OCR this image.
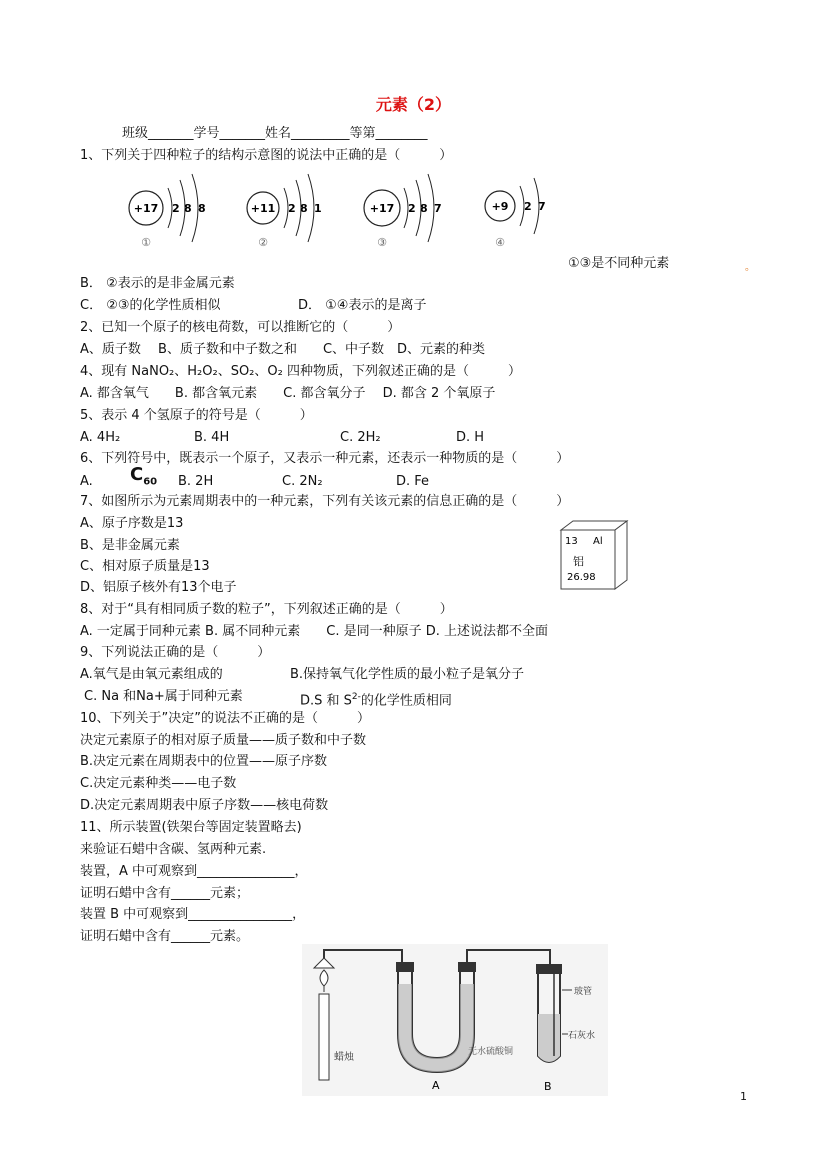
元素（2）
班级_______学号_______姓名_________等第________
1、下列关于四种粒子的结构示意图的说法中正确的是（　　　）
+17 2 8 8
①
+11 2 8 1
②
+17 2 8 7
③
+9 2 7
④
①③是不同种元素	。
B． ②表示的是非金属元素
C． ②③的化学性质相似	D． ①④表示的是离子
2、已知一个原子的核电荷数，可以推断它的（　　　）
A、质子数　 B、质子数和中子数之和　　C、中子数　D、元素的种类
4、现有 NaNO₂、H₂O₂、SO₂、O₂ 四种物质，下列叙述正确的是（　　　）
A. 都含氧气　　B. 都含氧元素　　C. 都含氧分子　 D. 都含 2 个氧原子
5、表示 4 个氢原子的符号是（　　　）
A. 4H₂	B. 4H	C. 2H₂	D. H
6、下列符号中，既表示一个原子，又表示一种元素，还表示一种物质的是（　　　）
A. $C_{60}$ B. 2H	C. 2N₂	D. Fe
7、如图所示为元素周期表中的一种元素，下列有关该元素的信息正确的是（　　　）
A、原子序数是13
B、是非金属元素
C、相对原子质量是13
D、铝原子核外有13个电子
13 Al
铝
26.98
8、对于“具有相同质子数的粒子”，下列叙述正确的是（　　　）
A. 一定属于同种元素 B. 属不同种元素　　C. 是同一种原子 D. 上述说法都不全面
9、下列说法正确的是（　　　）
A.氧气是由氧元素组成的	B.保持氧气化学性质的最小粒子是氧分子
C. Na 和Na+属于同种元素	D.S 和 $S^{2-}$的化学性质相同
10、下列关于”决定”的说法不正确的是（　　　）
决定元素原子的相对原子质量——质子数和中子数
B.决定元素在周期表中的位置——原子序数
C.决定元素种类——电子数
D.决定元素周期表中原子序数——核电荷数
11、所示装置(铁架台等固定装置略去)
来验证石蜡中含碳、氢两种元素.
装置，A 中可观察到_______________，
证明石蜡中含有______元素；
装置 B 中可观察到________________，
证明石蜡中含有______元素。
蜡烛
A
无水硫酸铜
B
玻管
石灰水
1
